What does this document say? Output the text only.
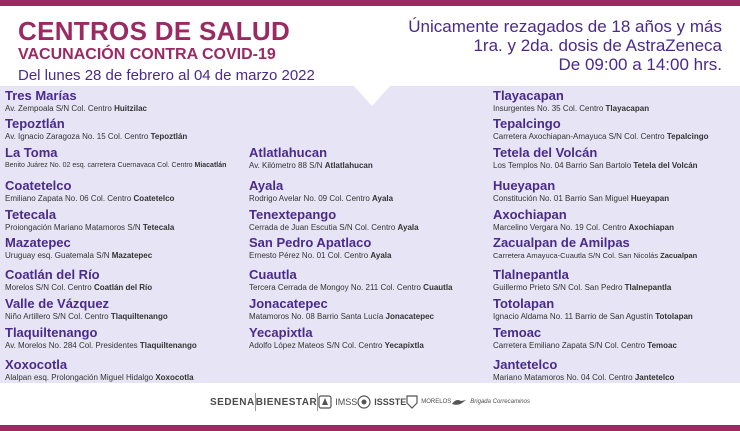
CENTROS DE SALUD
VACUNACIÓN CONTRA COVID-19
Del lunes 28 de febrero al 04 de marzo 2022
Únicamente rezagados de 18 años y más
1ra. y 2da. dosis de AstraZeneca
De 09:00 a 14:00 hrs.
Tres Marías
Av. Zempoala S/N Col. Centro Huitzilac
Tepoztlán
Av. Ignacio Zaragoza No. 15 Col. Centro Tepoztlán
La Toma
Benito Juárez No. 02 esq. carretera Cuernavaca Col. Centro Miacatlán
Coatetelco
Emiliano Zapata No. 06 Col. Centro Coatetelco
Tetecala
Proiongación Mariano Matamoros S/N Tetecala
Mazatepec
Uruguay esq. Guatemala S/N Mazatepec
Coatlán del Río
Morelos S/N Col. Centro Coatlán del Río
Valle de Vázquez
Niño Artillero S/N Col. Centro Tlaquiltenango
Tlaquiltenango
Av. Morelos No. 284 Col. Presidentes Tlaquiltenango
Xoxocotla
Alalpan esq. Prolongación Miguel Hidalgo Xoxocotla
Atlatlahucan
Av. Kilómetro 88 S/N Atlatlahucan
Ayala
Rodrigo Avelar No. 09 Col. Centro Ayala
Tenextepango
Cerrada de Juan Escutia S/N Col. Centro Ayala
San Pedro Apatlaco
Ernesto Pérez No. 01 Col. Centro Ayala
Cuautla
Tercera Cerrada de Mongoy No. 211 Col. Centro Cuautla
Jonacatepec
Matamoros No. 08 Barrio Santa Lucía Jonacatepec
Yecapixtla
Adolfo López Mateos S/N Col. Centro Yecapixtla
Tlayacapan
Insurgentes No. 35 Col. Centro Tlayacapan
Tepalcingo
Carretera Axochiapan-Amayuca S/N Col. Centro Tepalcingo
Tetela del Volcán
Los Templos No. 04 Barrio San Bartolo Tetela del Volcán
Hueyapan
Constitución No. 01 Barrio San Miguel Hueyapan
Axochiapan
Marcelino Vergara No. 19 Col. Centro Axochiapan
Zacualpan de Amilpas
Carretera Amayuca-Cuautla S/N Col. San Nicolás Zacualpan
Tlalnepantla
Guillermo Prieto S/N Col. San Pedro Tlalnepantla
Totolapan
Ignacio Aldama No. 11 Barrio de San Agustín Totolapan
Temoac
Carretera Emiliano Zapata S/N Col. Centro Temoac
Jantetelco
Mariano Matamoros No. 04 Col. Centro Jantetelco
SEDENA BIENESTAR IMSS ISSSTE	MORELOS	Brigada Correcaminos
